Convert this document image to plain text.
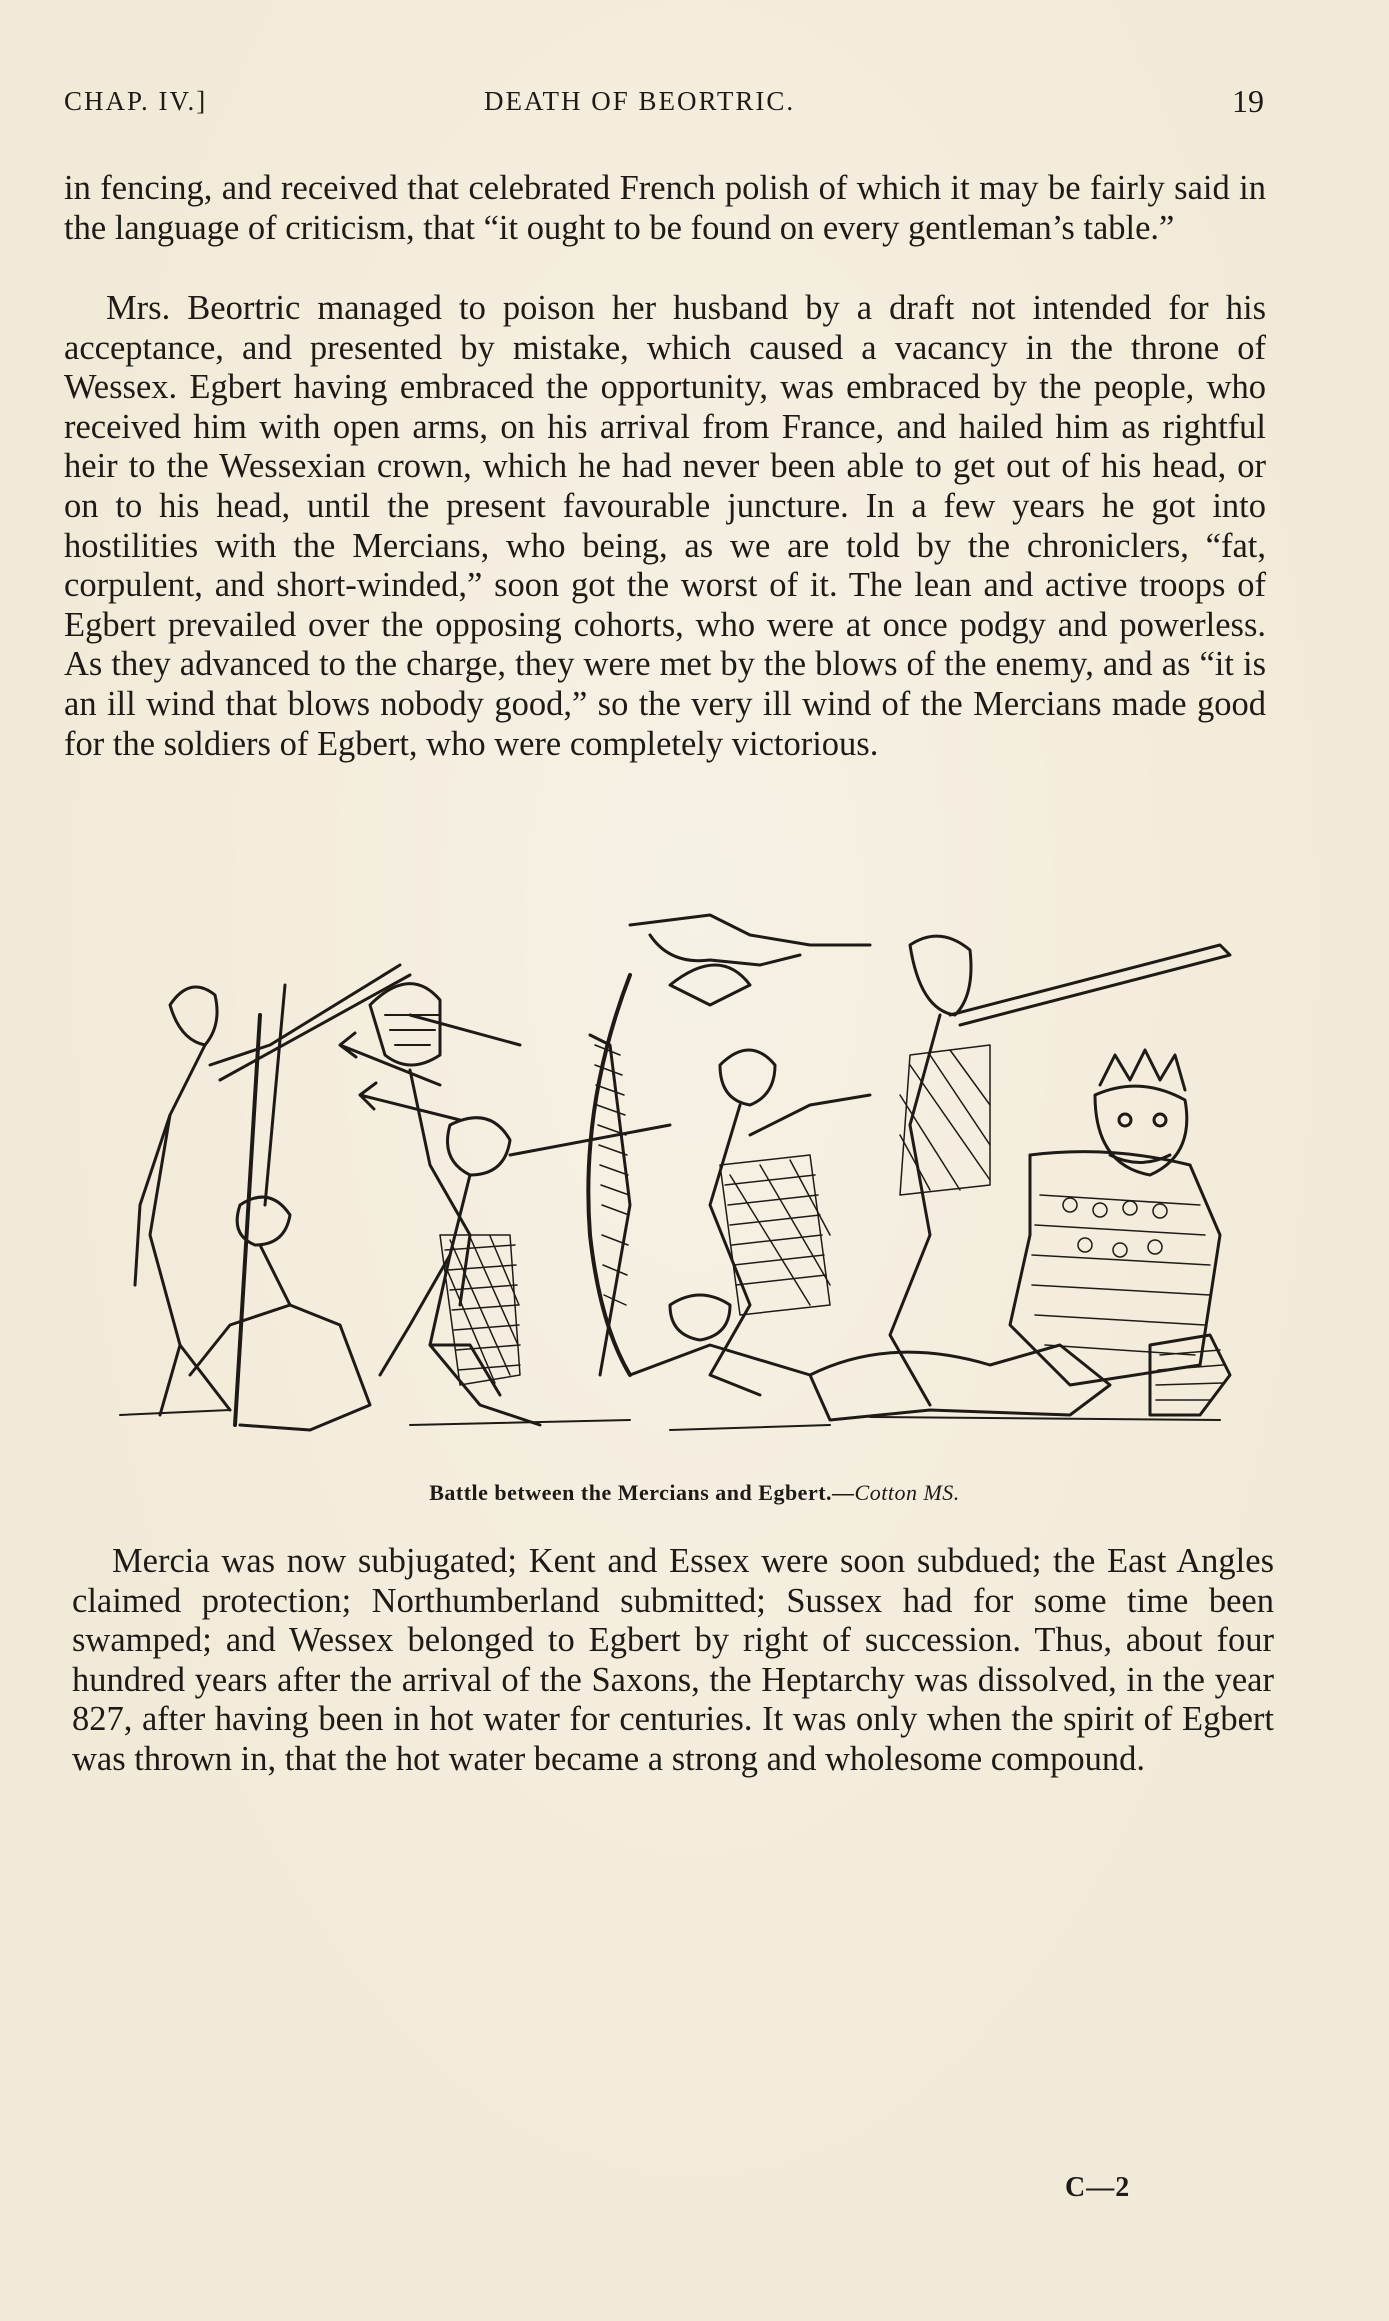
CHAP. IV.]	DEATH OF BEORTRIC.	19

in fencing, and received that celebrated French polish of which it may be fairly said in the language of criticism, that “it ought to be found on every gentleman’s table.”

Mrs. Beortric managed to poison her husband by a draft not intended for his acceptance, and presented by mistake, which caused a vacancy in the throne of Wessex. Egbert having embraced the opportunity, was embraced by the people, who received him with open arms, on his arrival from France, and hailed him as rightful heir to the Wessexian crown, which he had never been able to get out of his head, or on to his head, until the present favourable juncture. In a few years he got into hostilities with the Mercians, who being, as we are told by the chroniclers, “fat, corpulent, and short-winded,” soon got the worst of it. The lean and active troops of Egbert prevailed over the opposing cohorts, who were at once podgy and powerless. As they advanced to the charge, they were met by the blows of the enemy, and as “it is an ill wind that blows nobody good,” so the very ill wind of the Mercians made good for the soldiers of Egbert, who were completely victorious.

Battle between the Mercians and Egbert.—Cotton MS.

Mercia was now subjugated; Kent and Essex were soon subdued; the East Angles claimed protection; Northumberland submitted; Sussex had for some time been swamped; and Wessex belonged to Egbert by right of succession. Thus, about four hundred years after the arrival of the Saxons, the Heptarchy was dissolved, in the year 827, after having been in hot water for centuries. It was only when the spirit of Egbert was thrown in, that the hot water became a strong and wholesome compound.

C—2
